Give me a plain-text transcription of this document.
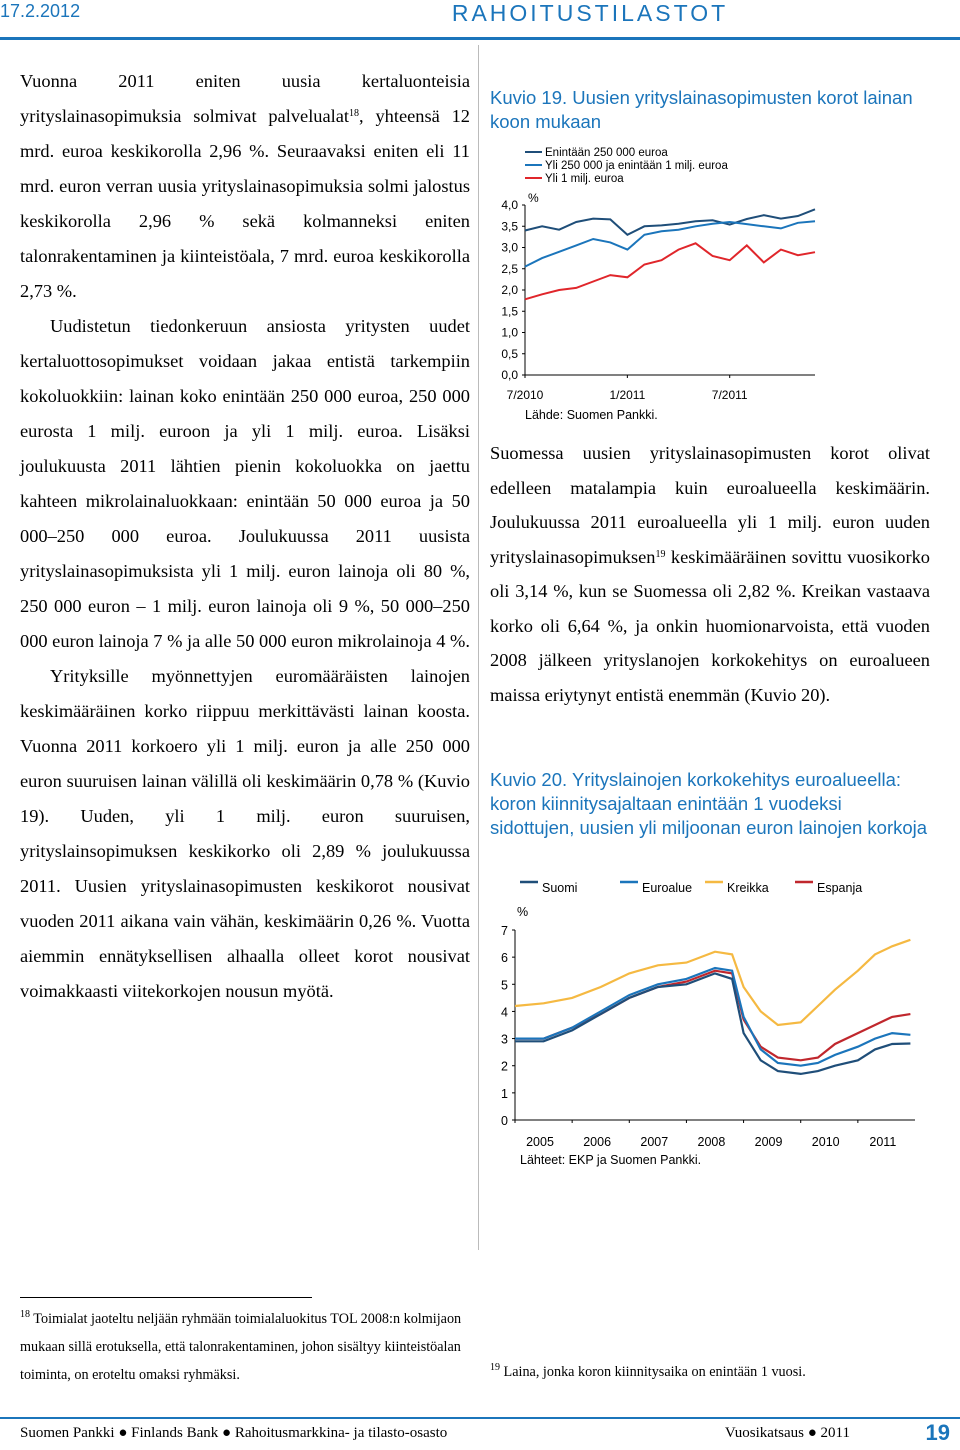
17.2.2012	RAHOITUSTILASTOT

Vuonna 2011 eniten uusia kertaluonteisia yrityslainasopimuksia solmivat palvelualat$^{18}$, yhteensä 12 mrd. euroa keskikorolla 2,96 %. Seuraavaksi eniten eli 11 mrd. euron verran uusia yrityslainasopimuksia solmi jalostus keskikorolla 2,96 % sekä kolmanneksi eniten talonrakentaminen ja kiinteistöala, 7 mrd. euroa keskikorolla 2,73 %.

Uudistetun tiedonkeruun ansiosta yritysten uudet kertaluottosopimukset voidaan jakaa entistä tarkempiin kokoluokkiin: lainan koko enintään 250 000 euroa, 250 000 eurosta 1 milj. euroon ja yli 1 milj. euroa. Lisäksi joulukuusta 2011 lähtien pienin kokoluokka on jaettu kahteen mikrolainaluokkaan: enintään 50 000 euroa ja 50 000–250 000 euroa. Joulukuussa 2011 uusista yrityslainasopimuksista yli 1 milj. euron lainoja oli 80 %, 250 000 euron – 1 milj. euron lainoja oli 9 %, 50 000–250 000 euron lainoja 7 % ja alle 50 000 euron mikrolainoja 4 %.

Yrityksille myönnettyjen euromääräisten lainojen keskimääräinen korko riippuu merkittävästi lainan koosta. Vuonna 2011 korkoero yli 1 milj. euron ja alle 250 000 euron suuruisen lainan välillä oli keskimäärin 0,78 % (Kuvio 19). Uuden, yli 1 milj. euron suuruisen, yrityslainsopimuksen keskikorko oli 2,89 % joulukuussa 2011. Uusien yrityslainasopimusten keskikorot nousivat vuoden 2011 aikana vain vähän, keskimäärin 0,26 %. Vuotta aiemmin ennätyksellisen alhaalla olleet korot nousivat voimakkaasti viitekorkojen nousun myötä.

Kuvio 19. Uusien yrityslainasopimusten korot lainan koon mukaan
Enintään 250 000 euroa
Yli 250 000 ja enintään 1 milj. euroa
Yli 1 milj. euroa
%
4,0
3,5
3,0
2,5
2,0
1,5
1,0
0,5
0,0
7/2010	1/2011	7/2011
Lähde: Suomen Pankki.

Suomessa uusien yrityslainasopimusten korot olivat edelleen matalampia kuin euroalueella keskimäärin. Joulukuussa 2011 euroalueella yli 1 milj. euron uuden yrityslainasopimuksen$^{19}$ keskimääräinen sovittu vuosikorko oli 3,14 %, kun se Suomessa oli 2,82 %. Kreikan vastaava korko oli 6,64 %, ja onkin huomionarvoista, että vuoden 2008 jälkeen yrityslanojen korkokehitys on euroalueen maissa eriytynyt entistä enemmän (Kuvio 20).

Kuvio 20. Yrityslainojen korkokehitys euroalueella: koron kiinnitysajaltaan enintään 1 vuodeksi sidottujen, uusien yli miljoonan euron lainojen korkoja
Suomi	Euroalue	Kreikka	Espanja
%
7
6
5
4
3
2
1
0
2005 2006 2007 2008 2009 2010 2011
Lähteet: EKP ja Suomen Pankki.
$^{18}$ Toimialat jaoteltu neljään ryhmään toimialaluokitus TOL 2008:n kolmijaon mukaan sillä erotuksella, että talonrakentaminen, johon sisältyy kiinteistöalan toiminta, on eroteltu omaksi ryhmäksi.	$^{19}$ Laina, jonka koron kiinnitysaika on enintään 1 vuosi.
Suomen Pankki ● Finlands Bank ● Rahoitusmarkkina- ja tilasto-osasto	Vuosikatsaus ● 2011	19
